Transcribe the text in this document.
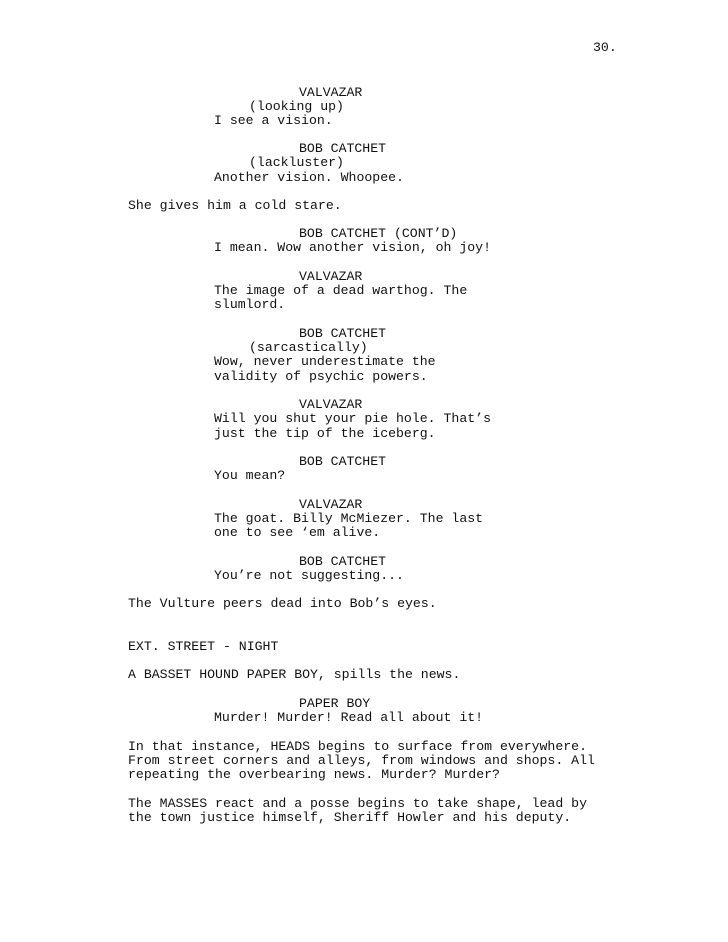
30.
VALVAZAR
(looking up)
I see a vision.
BOB CATCHET
(lackluster)
Another vision. Whoopee.
She gives him a cold stare.
BOB CATCHET (CONT’D)
I mean. Wow another vision, oh joy!
VALVAZAR
The image of a dead warthog. The
slumlord.
BOB CATCHET
(sarcastically)
Wow, never underestimate the
validity of psychic powers.
VALVAZAR
Will you shut your pie hole. That’s
just the tip of the iceberg.
BOB CATCHET
You mean?
VALVAZAR
The goat. Billy McMiezer. The last
one to see ‘em alive.
BOB CATCHET
You’re not suggesting...
The Vulture peers dead into Bob’s eyes.
EXT. STREET - NIGHT
A BASSET HOUND PAPER BOY, spills the news.
PAPER BOY
Murder! Murder! Read all about it!
In that instance, HEADS begins to surface from everywhere.
From street corners and alleys, from windows and shops. All
repeating the overbearing news. Murder? Murder?
The MASSES react and a posse begins to take shape, lead by
the town justice himself, Sheriff Howler and his deputy.
